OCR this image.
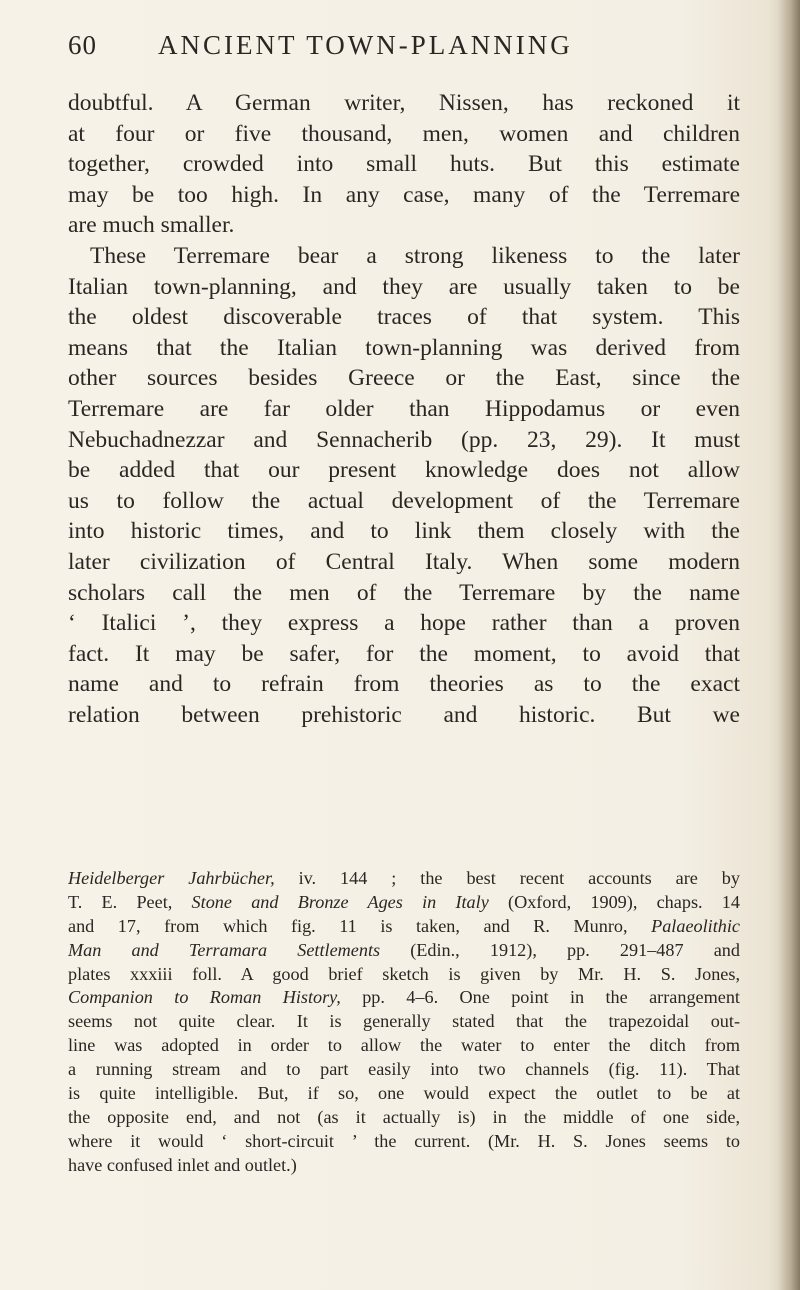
60 ANCIENT TOWN-PLANNING
doubtful. A German writer, Nissen, has reckoned it
at four or five thousand, men, women and children
together, crowded into small huts. But this estimate
may be too high. In any case, many of the Terremare
are much smaller.
These Terremare bear a strong likeness to the later
Italian town-planning, and they are usually taken to be
the oldest discoverable traces of that system. This
means that the Italian town-planning was derived from
other sources besides Greece or the East, since the
Terremare are far older than Hippodamus or even
Nebuchadnezzar and Sennacherib (pp. 23, 29). It must
be added that our present knowledge does not allow
us to follow the actual development of the Terremare
into historic times, and to link them closely with the
later civilization of Central Italy. When some modern
scholars call the men of the Terremare by the name
‘ Italici ’, they express a hope rather than a proven
fact. It may be safer, for the moment, to avoid that
name and to refrain from theories as to the exact
relation between prehistoric and historic. But we
Heidelberger Jahrbücher, iv. 144 ; the best recent accounts are by
T. E. Peet, Stone and Bronze Ages in Italy (Oxford, 1909), chaps. 14
and 17, from which fig. 11 is taken, and R. Munro, Palaeolithic
Man and Terramara Settlements (Edin., 1912), pp. 291–487 and
plates xxxiii foll. A good brief sketch is given by Mr. H. S. Jones,
Companion to Roman History, pp. 4–6. One point in the arrangement
seems not quite clear. It is generally stated that the trapezoidal out-
line was adopted in order to allow the water to enter the ditch from
a running stream and to part easily into two channels (fig. 11). That
is quite intelligible. But, if so, one would expect the outlet to be at
the opposite end, and not (as it actually is) in the middle of one side,
where it would ‘ short-circuit ’ the current. (Mr. H. S. Jones seems to
have confused inlet and outlet.)
